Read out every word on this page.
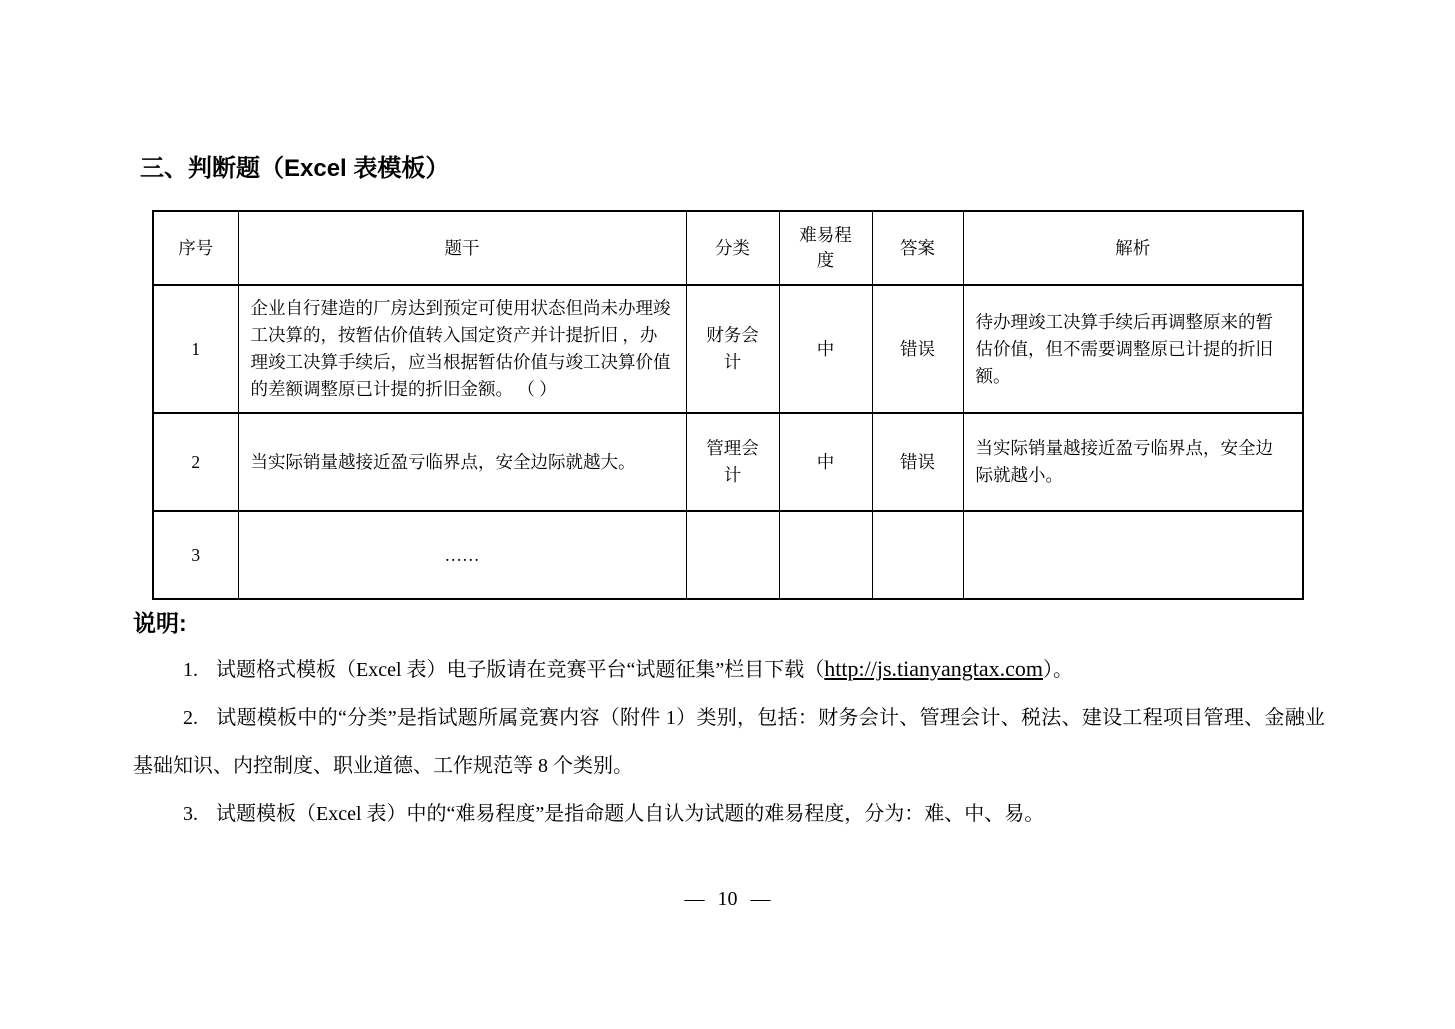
三、判断题（Excel 表模板）
序号	题干	分类	难易程度	答案	解析
1	企业自行建造的厂房达到预定可使用状态但尚未办理竣工决算的，按暂估价值转入国定资产并计提折旧 ，办理竣工决算手续后，应当根据暂估价值与竣工决算价值的差额调整原已计提的折旧金额。 （ ）	财务会计	中	错误	待办理竣工决算手续后再调整原来的暂估价值，但不需要调整原已计提的折旧额。
2	当实际销量越接近盈亏临界点，安全边际就越大。	管理会计	中	错误	当实际销量越接近盈亏临界点，安全边际就越小。
3	……				
说明:

1. 试题格式模板（Excel 表）电子版请在竞赛平台“试题征集”栏目下载（http://js.tianyangtax.com）。

2. 试题模板中的“分类”是指试题所属竞赛内容（附件 1）类别，包括：财务会计、管理会计、税法、建设工程项目管理、金融业基础知识、内控制度、职业道德、工作规范等 8 个类别。

3. 试题模板（Excel 表）中的“难易程度”是指命题人自认为试题的难易程度，分为：难、中、易。

— 10 —
